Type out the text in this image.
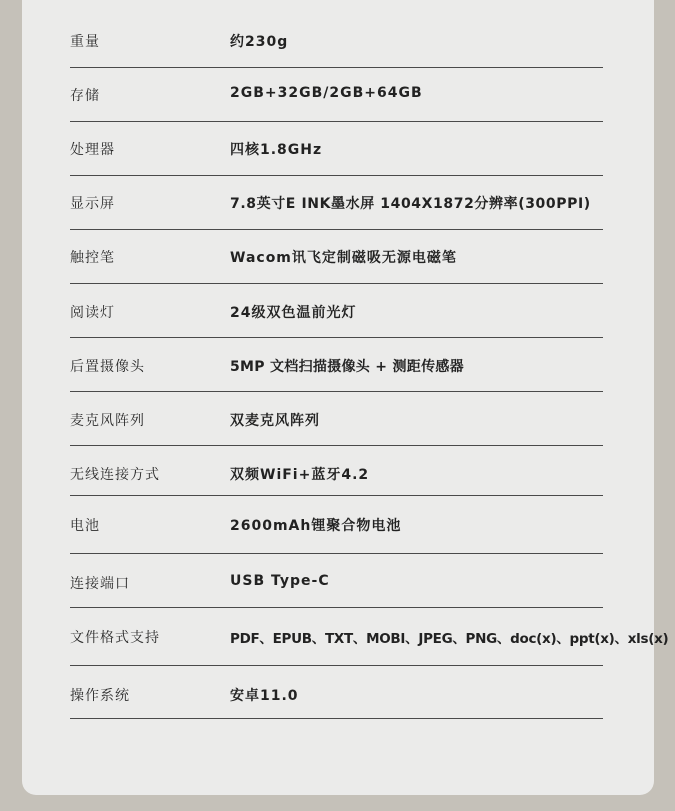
重量	约230g
存储	2GB+32GB/2GB+64GB
处理器	四核1.8GHz
显示屏	7.8英寸E INK墨水屏 1404X1872分辨率(300PPI)
触控笔	Wacom讯飞定制磁吸无源电磁笔
阅读灯	24级双色温前光灯
后置摄像头	5MP 文档扫描摄像头 + 测距传感器
麦克风阵列	双麦克风阵列
无线连接方式	双频WiFi+蓝牙4.2
电池	2600mAh锂聚合物电池
连接端口	USB Type-C
文件格式支持	PDF、EPUB、TXT、MOBI、JPEG、PNG、doc(x)、ppt(x)、xls(x)
操作系统	安卓11.0
